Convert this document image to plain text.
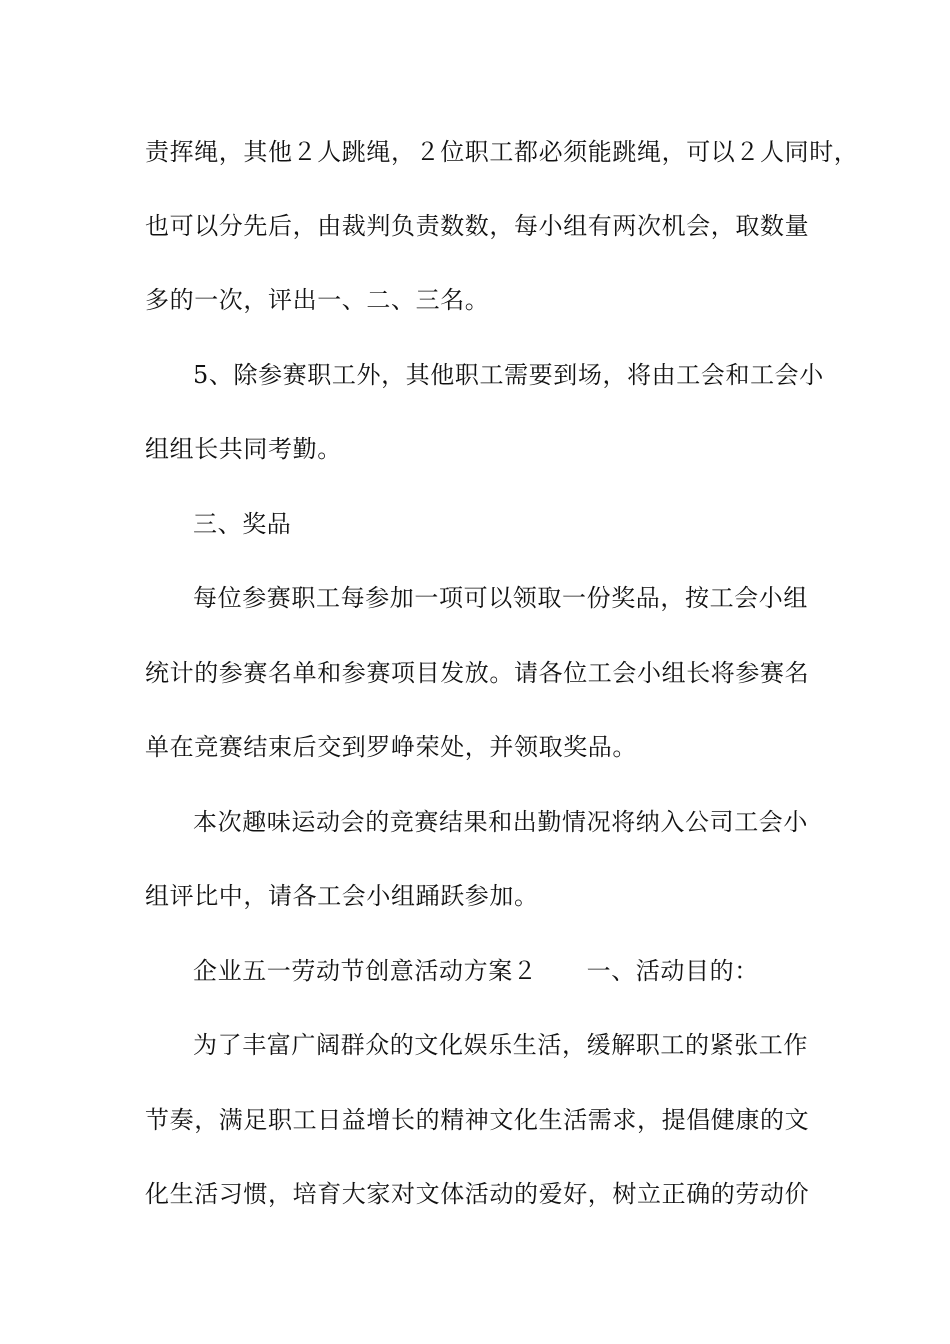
责挥绳，其他２人跳绳，２位职工都必须能跳绳，可以２人同时，
也可以分先后，由裁判负责数数，每小组有两次机会，取数量
多的一次，评出一、二、三名。
5、除参赛职工外，其他职工需要到场，将由工会和工会小
组组长共同考勤。
三、奖品
每位参赛职工每参加一项可以领取一份奖品，按工会小组
统计的参赛名单和参赛项目发放。请各位工会小组长将参赛名
单在竞赛结束后交到罗峥荣处，并领取奖品。
本次趣味运动会的竞赛结果和出勤情况将纳入公司工会小
组评比中，请各工会小组踊跃参加。
企业五一劳动节创意活动方案２　　一、活动目的：
为了丰富广阔群众的文化娱乐生活，缓解职工的紧张工作
节奏，满足职工日益增长的精神文化生活需求，提倡健康的文
化生活习惯，培育大家对文体活动的爱好，树立正确的劳动价
